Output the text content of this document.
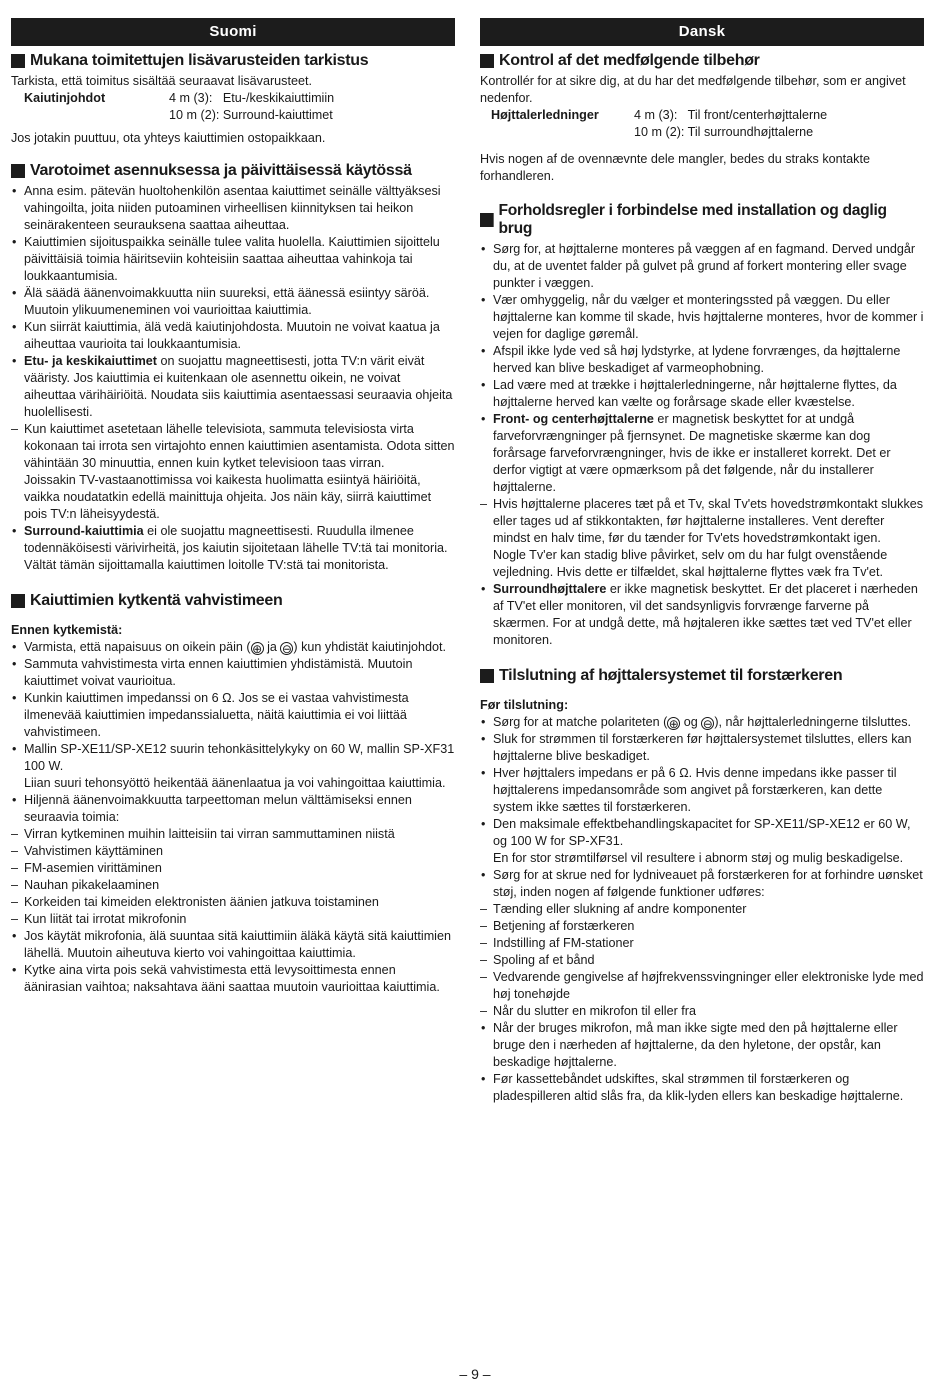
Suomi
Mukana toimitettujen lisävarusteiden tarkistus

Tarkista, että toimitus sisältää seuraavat lisävarusteet.

Kaiutinjohdot	4 m (3):   Etu-/keskikaiuttimiin
10 m (2): Surround-kaiuttimet

Jos jotakin puuttuu, ota yhteys kaiuttimien ostopaikkaan.

Varotoimet asennuksessa ja päivittäisessä käytössä
• Anna esim. pätevän huoltohenkilön asentaa kaiuttimet seinälle välttyäksesi vahingoilta, joita niiden putoaminen virheellisen kiinnityksen tai heikon seinärakenteen seurauksena saattaa aiheuttaa.
• Kaiuttimien sijoituspaikka seinälle tulee valita huolella. Kaiuttimien sijoittelu päivittäisiä toimia häiritseviin kohteisiin saattaa aiheuttaa vahinkoja tai loukkaantumisia.
• Älä säädä äänenvoimakkuutta niin suureksi, että äänessä esiintyy säröä. Muutoin ylikuumeneminen voi vaurioittaa kaiuttimia.
• Kun siirrät kaiuttimia, älä vedä kaiutinjohdosta. Muutoin ne voivat kaatua ja aiheuttaa vaurioita tai loukkaantumisia.
• Etu- ja keskikaiuttimet on suojattu magneettisesti, jotta TV:n värit eivät vääristy. Jos kaiuttimia ei kuitenkaan ole asennettu oikein, ne voivat aiheuttaa värihäiriöitä. Noudata siis kaiuttimia asentaessasi seuraavia ohjeita huolellisesti.
– Kun kaiuttimet asetetaan lähelle televisiota, sammuta televisiosta virta kokonaan tai irrota sen virtajohto ennen kaiuttimien asentamista. Odota sitten vähintään 30 minuuttia, ennen kuin kytket televisioon taas virran.

Joissakin TV-vastaanottimissa voi kaikesta huolimatta esiintyä häiriöitä, vaikka noudatatkin edellä mainittuja ohjeita. Jos näin käy, siirrä kaiuttimet pois TV:n läheisyydestä.

• Surround-kaiuttimia ei ole suojattu magneettisesti. Ruudulla ilmenee todennäköisesti värivirheitä, jos kaiutin sijoitetaan lähelle TV:tä tai monitoria. Vältät tämän sijoittamalla kaiuttimen loitolle TV:stä tai monitorista.
Kaiuttimien kytkentä vahvistimeen

Ennen kytkemistä:

• Varmista, että napaisuus on oikein päin (⊕ ja ⊖) kun yhdistät kaiutinjohdot.
• Sammuta vahvistimesta virta ennen kaiuttimien yhdistämistä. Muutoin kaiuttimet voivat vaurioitua.
• Kunkin kaiuttimen impedanssi on 6 Ω. Jos se ei vastaa vahvistimesta ilmenevää kaiuttimien impedanssialuetta, näitä kaiuttimia ei voi liittää vahvistimeen.

• Mallin SP-XE11/SP-XE12 suurin tehonkäsittelykyky on 60 W, mallin SP-XF31 100 W.

Liian suuri tehonsyöttö heikentää äänenlaatua ja voi vahingoittaa kaiuttimia.

• Hiljennä äänenvoimakkuutta tarpeettoman melun välttämiseksi ennen seuraavia toimia:

– Virran kytkeminen muihin laitteisiin tai virran sammuttaminen niistä
– Vahvistimen käyttäminen
– FM-asemien virittäminen
– Nauhan pikakelaaminen
– Korkeiden tai kimeiden elektronisten äänien jatkuva toistaminen
– Kun liität tai irrotat mikrofonin
• Jos käytät mikrofonia, älä suuntaa sitä kaiuttimiin äläkä käytä sitä kaiuttimien lähellä. Muutoin aiheutuva kierto voi vahingoittaa kaiuttimia.
• Kytke aina virta pois sekä vahvistimesta että levysoittimesta ennen äänirasian vaihtoa; naksahtava ääni saattaa muutoin vaurioittaa kaiuttimia.
Dansk
Kontrol af det medfølgende tilbehør

Kontrollér for at sikre dig, at du har det medfølgende tilbehør, som er angivet nedenfor.

Højttalerledninger	4 m (3):   Til front/centerhøjttalerne
10 m (2): Til surroundhøjttalerne

Hvis nogen af de ovennævnte dele mangler, bedes du straks kontakte forhandleren.

Forholdsregler i forbindelse med installation og daglig brug
• Sørg for, at højttalerne monteres på væggen af en fagmand. Derved undgår du, at de uventet falder på gulvet på grund af forkert montering eller svage punkter i væggen.
• Vær omhyggelig, når du vælger et monteringssted på væggen. Du eller højttalerne kan komme til skade, hvis højttalerne monteres, hvor de kommer i vejen for daglige gøremål.
• Afspil ikke lyde ved så høj lydstyrke, at lydene forvrænges, da højttalerne herved kan blive beskadiget af varmeophobning.
• Lad være med at trække i højttalerledningerne, når højttalerne flyttes, da højttalerne herved kan vælte og forårsage skade eller kvæstelse.
• Front- og centerhøjttalerne er magnetisk beskyttet for at undgå farveforvrængninger på fjernsynet. De magnetiske skærme kan dog forårsage farveforvrængninger, hvis de ikke er installeret korrekt. Det er derfor vigtigt at være opmærksom på det følgende, når du installerer højttalerne.
– Hvis højttalerne placeres tæt på et Tv, skal Tv'ets hovedstrømkontakt slukkes eller tages ud af stikkontakten, før højttalerne installeres. Vent derefter mindst en halv time, før du tænder for Tv'ets hovedstrømkontakt igen.

Nogle Tv'er kan stadig blive påvirket, selv om du har fulgt ovenstående vejledning. Hvis dette er tilfældet, skal højttalerne flyttes væk fra Tv'et.

• Surroundhøjttalere er ikke magnetisk beskyttet. Er det placeret i nærheden af TV'et eller monitoren, vil det sandsynligvis forvrænge farverne på skærmen. For at undgå dette, må højtaleren ikke sættes tæt ved TV'et eller monitoren.
Tilslutning af højttalersystemet til forstærkeren

Før tilslutning:

• Sørg for at matche polariteten (⊕ og ⊖), når højttalerledningerne tilsluttes.
• Sluk for strømmen til forstærkeren før højttalersystemet tilsluttes, ellers kan højttalerne blive beskadiget.
• Hver højttalers impedans er på 6 Ω. Hvis denne impedans ikke passer til højttalerens impedansområde som angivet på forstærkeren, kan dette system ikke sættes til forstærkeren.

• Den maksimale effektbehandlingskapacitet for SP-XE11/SP-XE12 er 60 W, og 100 W for SP-XF31.

En for stor strømtilførsel vil resultere i abnorm støj og mulig beskadigelse.

• Sørg for at skrue ned for lydniveauet på forstærkeren for at forhindre uønsket støj, inden nogen af følgende funktioner udføres:

– Tænding eller slukning af andre komponenter
– Betjening af forstærkeren
– Indstilling af FM-stationer
– Spoling af et bånd
– Vedvarende gengivelse af højfrekvenssvingninger eller elektroniske lyde med høj tonehøjde
– Når du slutter en mikrofon til eller fra
• Når der bruges mikrofon, må man ikke sigte med den på højttalerne eller bruge den i nærheden af højttalerne, da den hyletone, der opstår, kan beskadige højttalerne.
• Før kassettebåndet udskiftes, skal strømmen til forstærkeren og pladespilleren altid slås fra, da klik-lyden ellers kan beskadige højttalerne.
– 9 –
